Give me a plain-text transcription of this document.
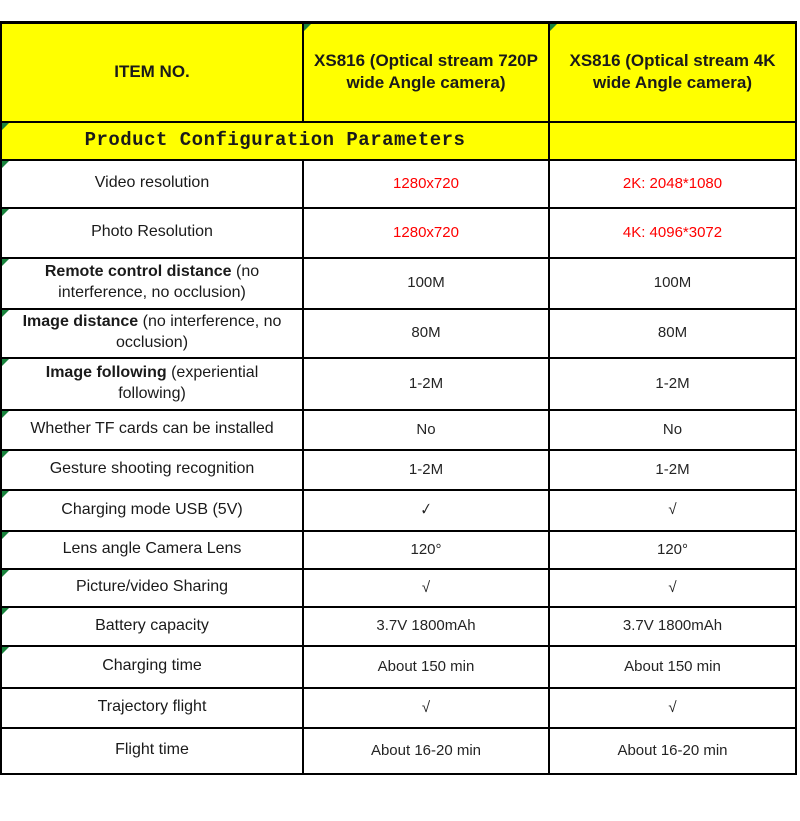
ITEM NO.	XS816 (Optical stream 720P wide Angle camera)	XS816 (Optical stream 4K wide Angle camera)

Product Configuration Parameters		

Video resolution	1280x720	2K: 2048*1080

Photo Resolution	1280x720	4K: 4096*3072

Remote control distance (no interference, no occlusion)	100M	100M

Image distance (no interference, no occlusion)	80M	80M

Image following (experiential following)	1-2M	1-2M

Whether TF cards can be installed	No	No

Gesture shooting recognition	1-2M	1-2M

Charging mode USB (5V)	✓	√

Lens angle Camera Lens	120°	120°

Picture/video Sharing	√	√

Battery capacity	3.7V 1800mAh	3.7V 1800mAh

Charging time	About 150 min	About 150 min
Trajectory flight	√	√
Flight time	About 16-20 min	About 16-20 min
